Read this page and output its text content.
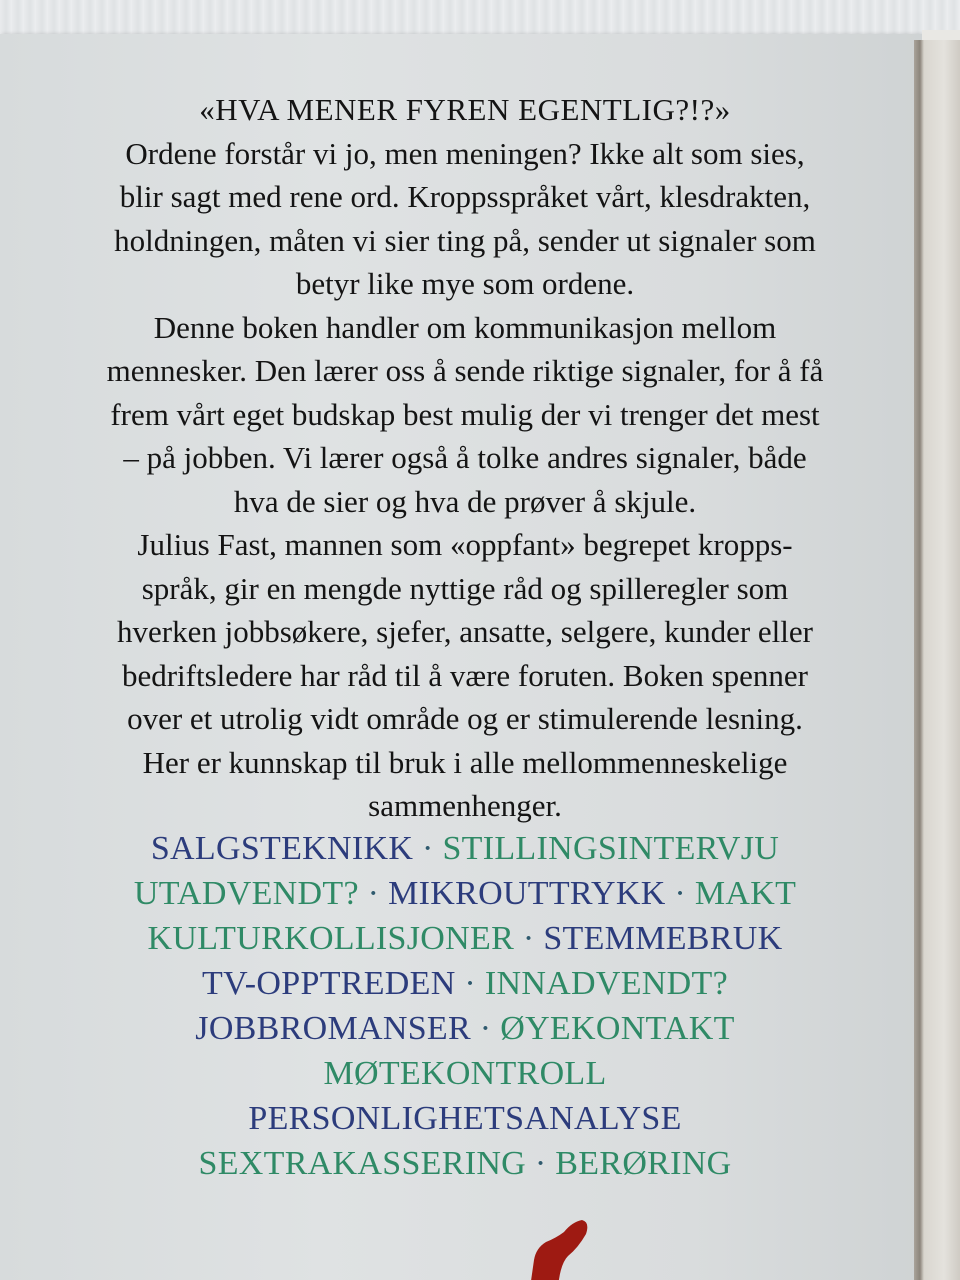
«HVA MENER FYREN EGENTLIG?!?»

Ordene forstår vi jo, men meningen? Ikke alt som sies,
blir sagt med rene ord. Kroppsspråket vårt, klesdrakten,
holdningen, måten vi sier ting på, sender ut signaler som
betyr like mye som ordene.

Denne boken handler om kommunikasjon mellom
mennesker. Den lærer oss å sende riktige signaler, for å få
frem vårt eget budskap best mulig der vi trenger det mest
– på jobben. Vi lærer også å tolke andres signaler, både
hva de sier og hva de prøver å skjule.

Julius Fast, mannen som «oppfant» begrepet kropps-
språk, gir en mengde nyttige råd og spilleregler som
hverken jobbsøkere, sjefer, ansatte, selgere, kunder eller
bedriftsledere har råd til å være foruten. Boken spenner
over et utrolig vidt område og er stimulerende lesning.
Her er kunnskap til bruk i alle mellommenneskelige
sammenhenger.

SALGSTEKNIKK · STILLINGSINTERVJU
UTADVENDT? · MIKROUTTRYKK · MAKT
KULTURKOLLISJONER · STEMMEBRUK
TV-OPPTREDEN · INNADVENDT?
JOBBROMANSER · ØYEKONTAKT
MØTEKONTROLL
PERSONLIGHETSANALYSE
SEXTRAKASSERING · BERØRING
